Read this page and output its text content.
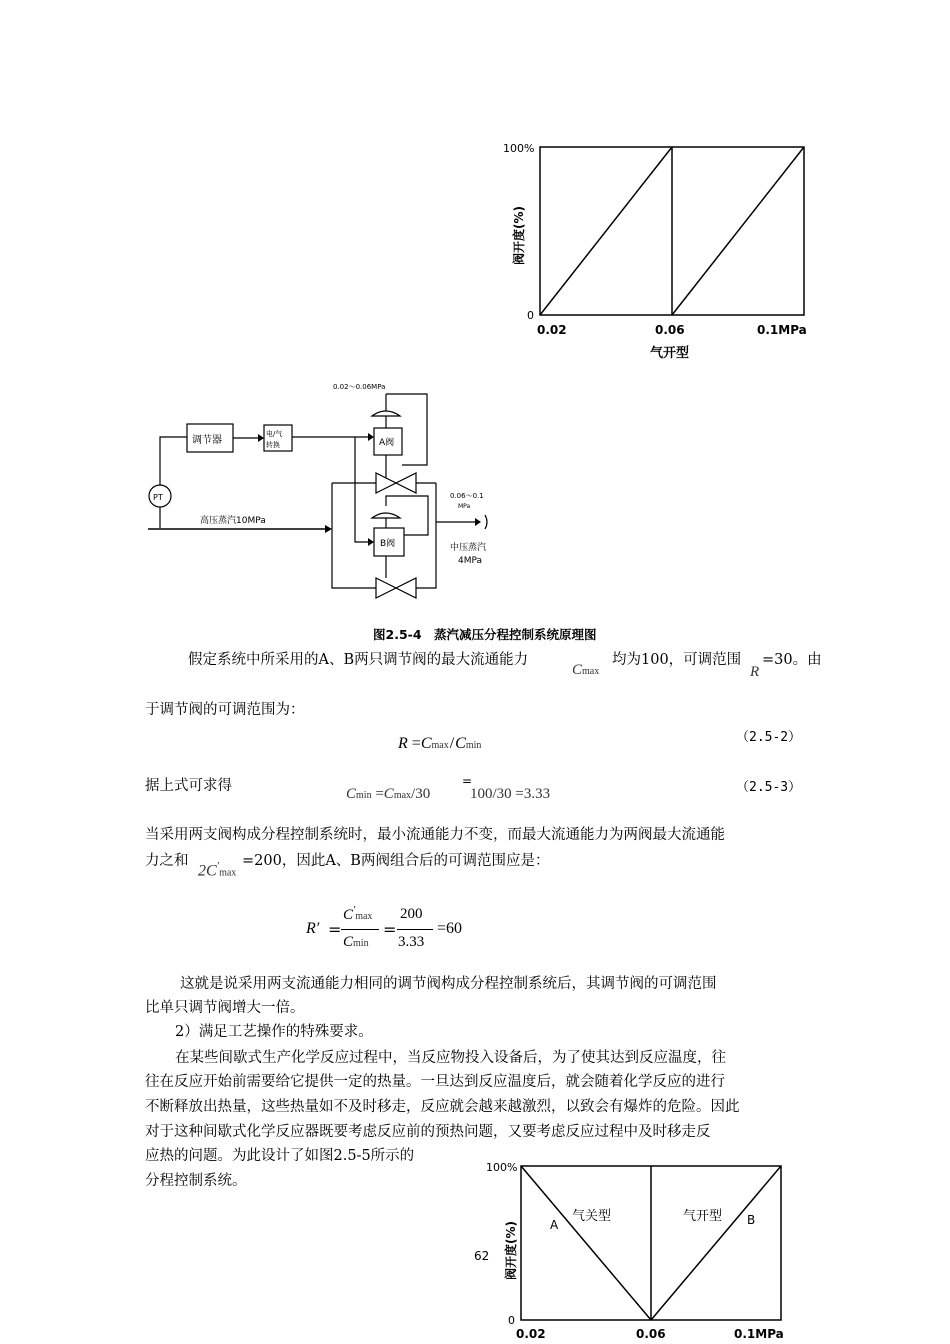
100%
0
阀开度(%)
0.02	0.06	0.1MPa
气开型
0.02～0.06MPa
A阀
调节器
电/气
转换
PT
高压蒸汽10MPa
B阀
0.06～0.1
MPa
中压蒸汽
4MPa
图2.5-4　蒸汽减压分程控制系统原理图
假定系统中所采用的A、B两只调节阀的最大流通能力
Cmax
均为100，可调范围
R
=30。由
于调节阀的可调范围为：
R =Cmax/Cmin
（2.5-2）
据上式可求得	Cmin =Cmax/30
=
100/30 =3.33	（2.5-3）
当采用两支阀构成分程控制系统时，最小流通能力不变，而最大流通能力为两阀最大流通能
力之和
2C′max
=200，因此A、B两阀组合后的可调范围应是：
R′ =
C′max
Cmin
=
200
3.33
=60
这就是说采用两支流通能力相同的调节阀构成分程控制系统后，其调节阀的可调范围
比单只调节阀增大一倍。
2）满足工艺操作的特殊要求。
在某些间歇式生产化学反应过程中，当反应物投入设备后，为了使其达到反应温度，往
往在反应开始前需要给它提供一定的热量。一旦达到反应温度后，就会随着化学反应的进行
不断释放出热量，这些热量如不及时移走，反应就会越来越激烈，以致会有爆炸的危险。因此
对于这种间歇式化学反应器既要考虑反应前的预热问题，又要考虑反应过程中及时移走反
应热的问题。为此设计了如图2.5-5所示的
分程控制系统。
100%
62
0
阀开度(%)
气关型	气开型
A	B
0.02	0.06	0.1MPa
